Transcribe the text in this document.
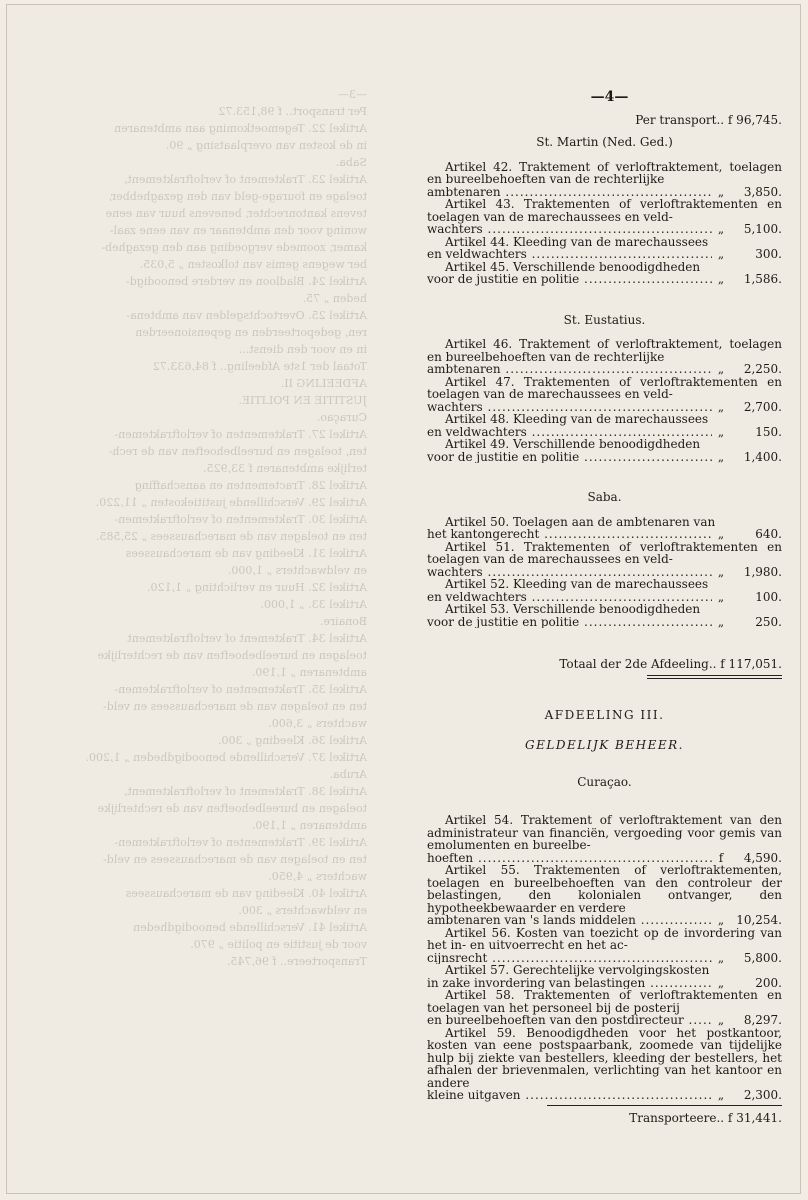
—3—
Per transport.. f 98,153.72
Artikel 22. Tegemoetkoming aan ambtenaren
in de kosten van overplaatsing „ 90.
Saba.
Artikel 23. Traktement of verloftraktement,
toelage en fourage-geld van den gezaghebber,
tevens kantonrechter, benevens huur van eene
woning voor den ambtenaar en van eene zaal-
kamer, zoomede vergoeding aan den gezagheb-
ber wegens gemis van tolkosten „ 5,035.
Artikel 24. Bladloon en verdere benoodigd-
heden „ 75.
Artikel 25. Overtochtsgelden van ambtena-
ren, gedeporteerden en gepensioneerden
in en voor den dienst...
Totaal der 1ste Afdeeling.. f 84,633.72
AFDEELING II.
JUSTITIE EN POLITIE.
Curaçao.
Artikel 27. Traktementen of verloftraktemen-
ten, toelagen en bureelbehoeften van de rech-
terlijke ambtenaren f 33,925.
Artikel 28. Tractementen en aanschaffing
Artikel 29. Verschillende justitiekosten „ 11,220.
Artikel 30. Traktementen of verloftraktemen-
ten en toelagen van de marechaussees „ 25,585.
Artikel 31. Kleeding van de marechaussees
en veldwachters „ 1,000.
Artikel 32. Huur en verlichting „ 1,120.
Artikel 33. „ 1,000.
Bonaire.
Artikel 34. Traktement of verloftraktement
toelagen en bureelbehoeften van de rechterlijke
ambtenaren „ 1,190.
Artikel 35. Traktementen of verloftraktemen-
ten en toelagen van de marechaussees en veld-
wachters „ 3,600.
Artikel 36. Kleeding „ 300.
Artikel 37. Verschillende benoodigdheden „ 1,200.
Aruba.
Artikel 38. Traktement of verloftraktement,
toelagen en bureelbehoeften van de rechterlijke
ambtenaren „ 1,190.
Artikel 39. Traktementen of verloftraktemen-
ten en toelagen van de marechaussees en veld-
wachters „ 4,950.
Artikel 40. Kleeding van de marechaussees
en veldwachters „ 300.
Artikel 41. Verschillende benoodigdheden
voor de justitie en politie „ 970.
Transporteere.. f 96,745.
—4—
Per transport.. f 96,745.
St. Martin (Ned. Ged.)
Artikel 42. Traktement of verloftraktement, toelagen en bureelbehoeften van de rechterlijke
ambtenaren .....	„	3,850.
Artikel 43. Traktementen of verloftraktementen en toelagen van de marechaussees en veld-
wachters .....	„	5,100.
Artikel 44. Kleeding van de marechaussees
en veldwachters .....	„	300.
Artikel 45. Verschillende benoodigdheden
voor de justitie en politie .....	„	1,586.
St. Eustatius.
Artikel 46. Traktement of verloftraktement, toelagen en bureelbehoeften van de rechterlijke
ambtenaren .....	„	2,250.
Artikel 47. Traktementen of verloftraktementen en toelagen van de marechaussees en veld-
wachters .....	„	2,700.
Artikel 48. Kleeding van de marechaussees
en veldwachters .....	„	150.
Artikel 49. Verschillende benoodigdheden
voor de justitie en politie .....	„	1,400.
Saba.
Artikel 50. Toelagen aan de ambtenaren van
het kantongerecht .....	„	640.
Artikel 51. Traktementen of verloftraktementen en toelagen van de marechaussees en veld-
wachters .....	„	1,980.
Artikel 52. Kleeding van de marechaussees
en veldwachters .....	„	100.
Artikel 53. Verschillende benoodigdheden
voor de justitie en politie .....	„	250.
Totaal der 2de Afdeeling.. f 117,051.
AFDEELING III.
GELDELIJK BEHEER.
Curaçao.
Artikel 54. Traktement of verloftraktement van den administrateur van financiën, vergoeding voor gemis van emolumenten en bureelbe-
hoeften .....	f	4,590.
Artikel 55. Traktementen of verloftraktementen, toelagen en bureelbehoeften van den controleur der belastingen, den kolonialen ontvanger, den hypotheekbewaarder en verdere
ambtenaren van 's lands middelen .....	„	10,254.
Artikel 56. Kosten van toezicht op de invordering van het in- en uitvoerrecht en het ac-
cijnsrecht .....	„	5,800.
Artikel 57. Gerechtelijke vervolgingskosten
in zake invordering van belastingen .....	„	200.
Artikel 58. Traktementen of verloftraktementen en toelagen van het personeel bij de posterij
en bureelbehoeften van den postdirecteur .....	„	8,297.
Artikel 59. Benoodigdheden voor het postkantoor, kosten van eene postspaarbank, zoomede van tijdelijke hulp bij ziekte van bestellers, kleeding der bestellers, het afhalen der brievenmalen, verlichting van het kantoor en andere
kleine uitgaven .....	„	2,300.
Transporteere.. f 31,441.
